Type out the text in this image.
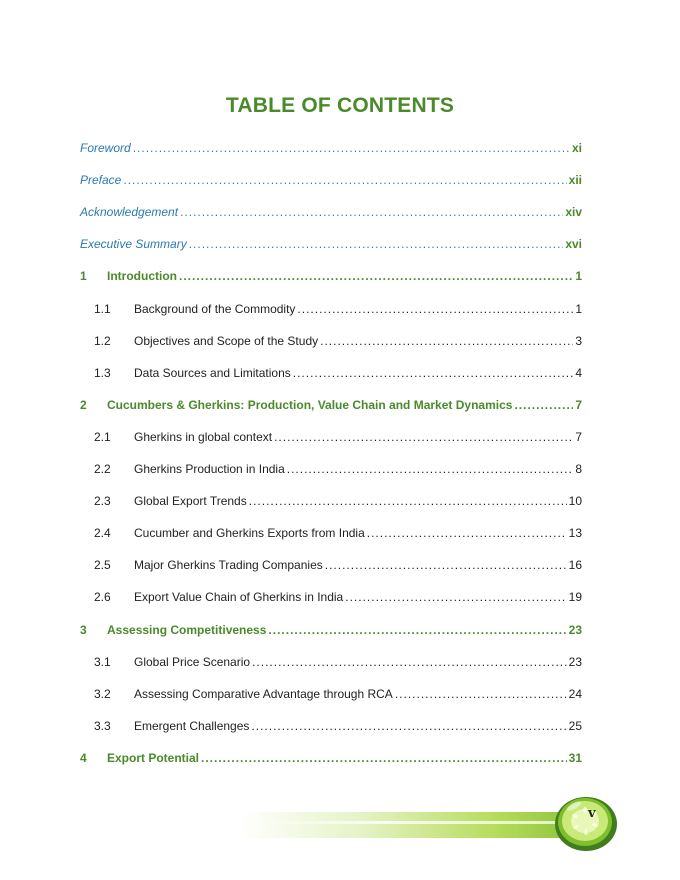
TABLE OF CONTENTS
Foreword .....	xi
Preface .....	xii
Acknowledgement .....	xiv
Executive Summary .....	xvi
1	Introduction .....	1
1.1	Background of the Commodity .....	1
1.2	Objectives and Scope of the Study .....	3
1.3	Data Sources and Limitations .....	4
2	Cucumbers & Gherkins: Production, Value Chain and Market Dynamics .....	7
2.1	Gherkins in global context .....	7
2.2	Gherkins Production in India .....	8
2.3	Global Export Trends .....	10
2.4	Cucumber and Gherkins Exports from India .....	13
2.5	Major Gherkins Trading Companies .....	16
2.6	Export Value Chain of Gherkins in India .....	19
3	Assessing Competitiveness .....	23
3.1	Global Price Scenario .....	23
3.2	Assessing Comparative Advantage through RCA .....	24
3.3	Emergent Challenges .....	25
4	Export Potential .....	31
v
